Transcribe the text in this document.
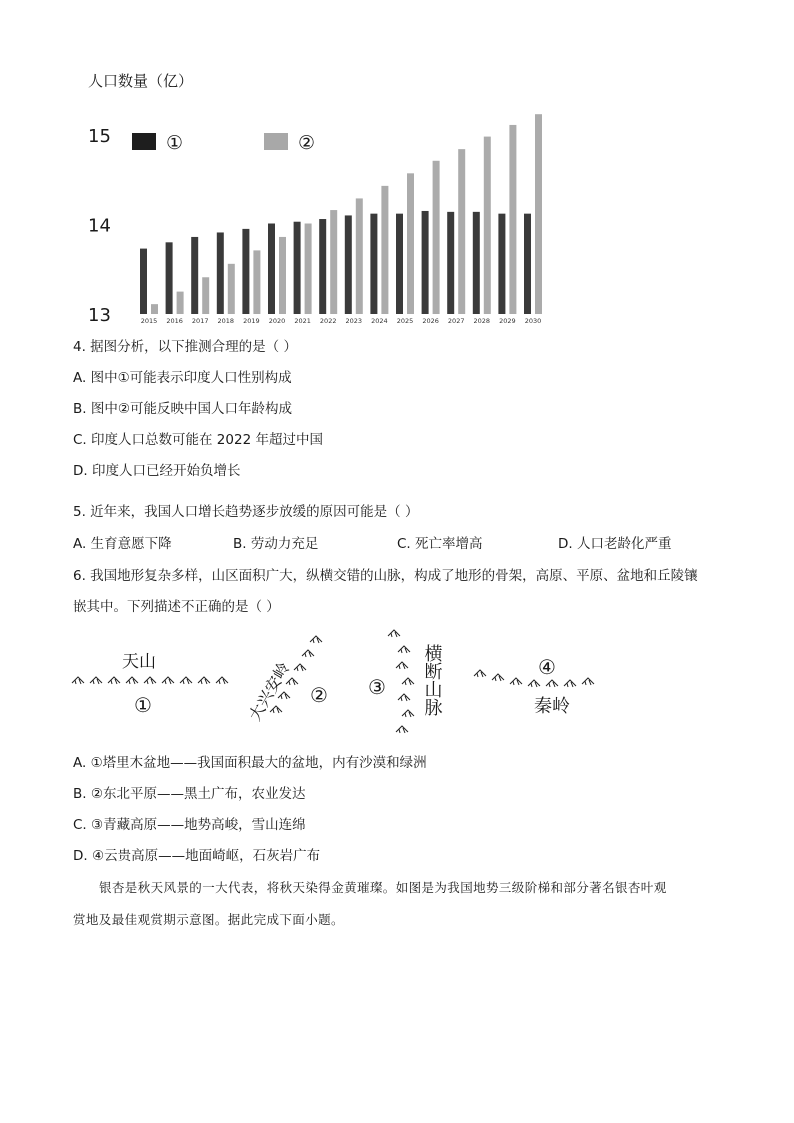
人口数量（亿）
13
14
15
2015 2016 2017 2018 2019 2020 2021 2022 2023 2024 2025 2026 2027 2028 2029 2030
①	②
4. 据图分析，以下推测合理的是（ ）
A. 图中①可能表示印度人口性别构成
B. 图中②可能反映中国人口年龄构成
C. 印度人口总数可能在 2022 年超过中国
D. 印度人口已经开始负增长
5. 近年来，我国人口增长趋势逐步放缓的原因可能是（ ）
A. 生育意愿下降	B. 劳动力充足	C. 死亡率增高	D. 人口老龄化严重
6. 我国地形复杂多样，山区面积广大，纵横交错的山脉，构成了地形的骨架，高原、平原、盆地和丘陵镶
嵌其中。下列描述不正确的是（ ）
天山
①	大兴安岭 ② ③ 横断山脉	④
秦岭
A. ①塔里木盆地——我国面积最大的盆地，内有沙漠和绿洲
B. ②东北平原——黑土广布，农业发达
C. ③青藏高原——地势高峻，雪山连绵
D. ④云贵高原——地面崎岖，石灰岩广布
银杏是秋天风景的一大代表，将秋天染得金黄璀璨。如图是为我国地势三级阶梯和部分著名银杏叶观
赏地及最佳观赏期示意图。据此完成下面小题。
